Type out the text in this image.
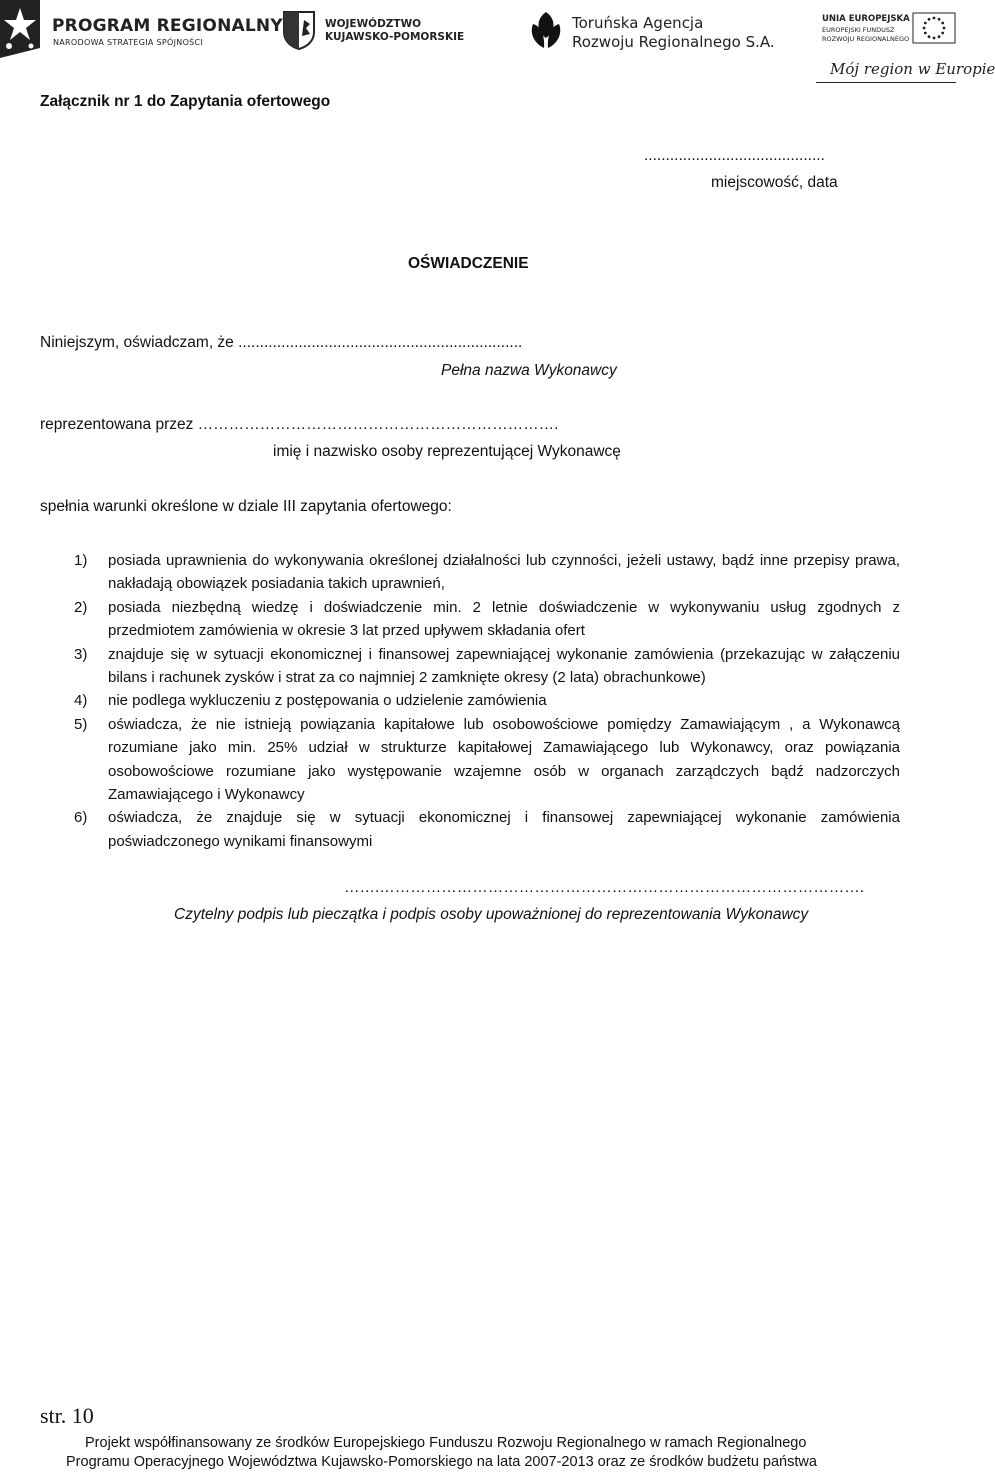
PROGRAM REGIONALNY
NARODOWA STRATEGIA SPÓJNOŚCI
WOJEWÓDZTWO
KUJAWSKO-POMORSKIE
Toruńska Agencja
Rozwoju Regionalnego S.A.
UNIA EUROPEJSKA
EUROPEJSKI FUNDUSZ
ROZWOJU REGIONALNEGO
Mój region w Europie
Załącznik nr 1 do Zapytania ofertowego
..........................................
miejscowość, data
OŚWIADCZENIE
Niniejszym, oświadczam, że ..................................................................
Pełna nazwa Wykonawcy
reprezentowana przez …………………………………………………………….
imię i nazwisko osoby reprezentującej Wykonawcę
spełnia warunki określone w dziale III zapytania ofertowego:
1) posiada uprawnienia do wykonywania określonej działalności lub czynności, jeżeli ustawy, bądź inne przepisy prawa, nakładają obowiązek posiadania takich uprawnień,
2) posiada niezbędną wiedzę i doświadczenie min. 2 letnie doświadczenie w wykonywaniu usług zgodnych z przedmiotem zamówienia w okresie 3 lat przed upływem składania ofert
3) znajduje się w sytuacji ekonomicznej i finansowej zapewniającej wykonanie zamówienia (przekazując w załączeniu bilans i rachunek zysków i strat za co najmniej 2 zamknięte okresy (2 lata) obrachunkowe)
4) nie podlega wykluczeniu z postępowania o udzielenie zamówienia
5) oświadcza, że nie istnieją powiązania kapitałowe lub osobowościowe pomiędzy Zamawiającym , a Wykonawcą rozumiane jako min. 25% udział w strukturze kapitałowej Zamawiającego lub Wykonawcy, oraz powiązania osobowościowe rozumiane jako występowanie wzajemne osób w organach zarządczych bądź nadzorczych Zamawiającego i Wykonawcy
6) oświadcza, że znajduje się w sytuacji ekonomicznej i finansowej zapewniającej wykonanie zamówienia poświadczonego wynikami finansowymi
…….………………………………………………………………………………….
Czytelny podpis lub pieczątka i podpis osoby upoważnionej do reprezentowania Wykonawcy
str. 10
Projekt współfinansowany ze środków Europejskiego Funduszu Rozwoju Regionalnego w ramach Regionalnego
Programu Operacyjnego Województwa Kujawsko-Pomorskiego na lata 2007-2013 oraz ze środków budżetu państwa
